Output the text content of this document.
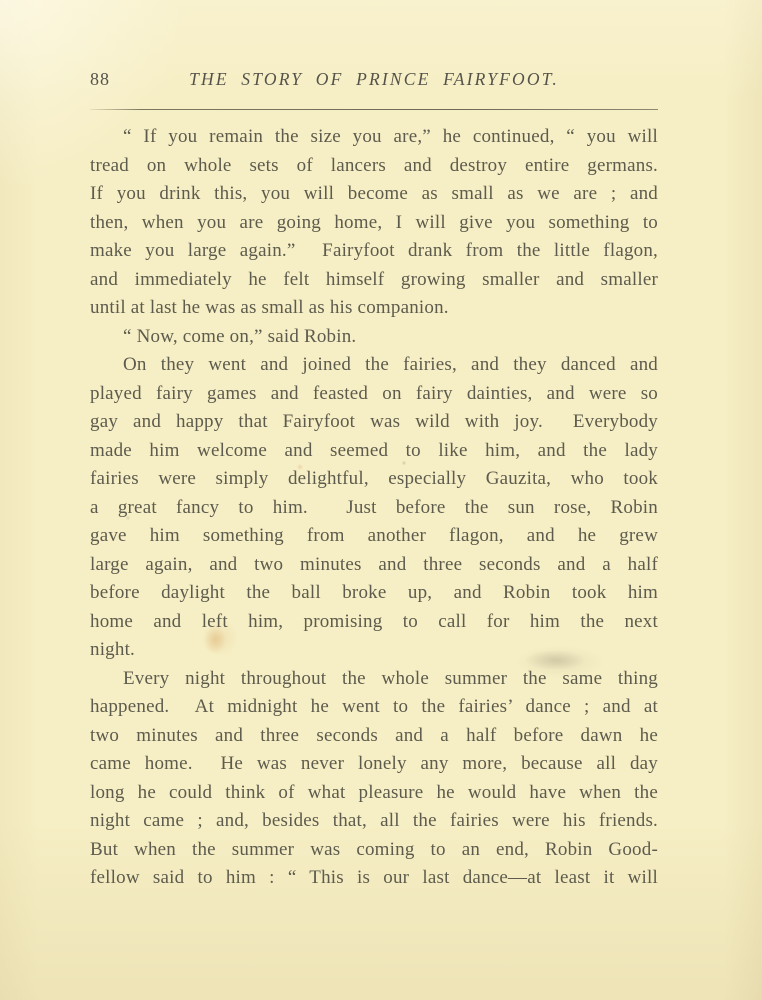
88	THE STORY OF PRINCE FAIRYFOOT.
“ If you remain the size you are,” he continued, “ you will
tread on whole sets of lancers and destroy entire germans.
If you drink this, you will become as small as we are ; and
then, when you are going home, I will give you something to
make you large again.”  Fairyfoot drank from the little flagon,
and immediately he felt himself growing smaller and smaller
until at last he was as small as his companion.
“ Now, come on,” said Robin.
On they went and joined the fairies, and they danced and
played fairy games and feasted on fairy dainties, and were so
gay and happy that Fairyfoot was wild with joy.  Everybody
made him welcome and seemed to like him, and the lady
fairies were simply delightful, especially Gauzita, who took
a great fancy to him.  Just before the sun rose, Robin
gave him something from another flagon, and he grew
large again, and two minutes and three seconds and a half
before daylight the ball broke up, and Robin took him
home and left him, promising to call for him the next
night.
Every night throughout the whole summer the same thing
happened.  At midnight he went to the fairies’ dance ; and at
two minutes and three seconds and a half before dawn he
came home.  He was never lonely any more, because all day
long he could think of what pleasure he would have when the
night came ; and, besides that, all the fairies were his friends.
But when the summer was coming to an end, Robin Good-
fellow said to him : “ This is our last dance—at least it will
